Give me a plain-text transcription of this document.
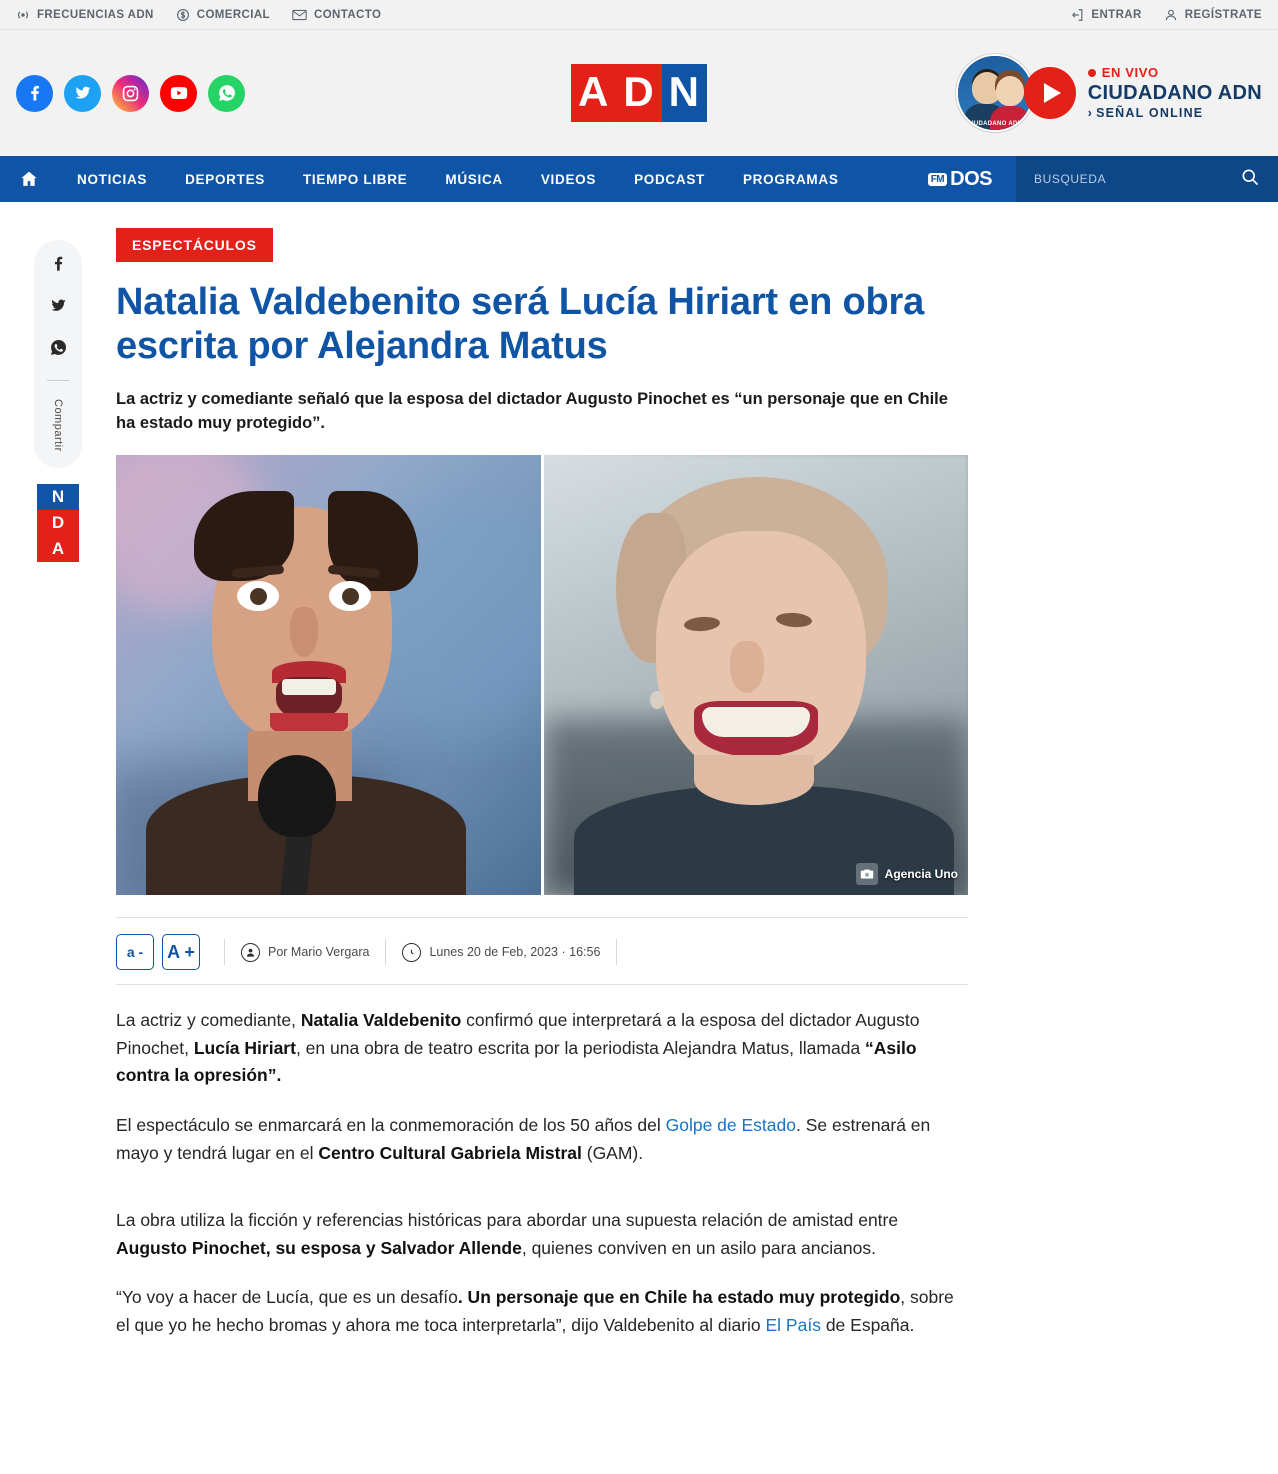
FRECUENCIAS ADN	COMERCIAL	CONTACTO	ENTRAR	REGÍSTRATE
A D N
CIUDADANO ADN
EN VIVO
CIUDADANO ADN
› SEÑAL ONLINE
NOTICIAS	DEPORTES	TIEMPO LIBRE	MÚSICA	VIDEOS	PODCAST	PROGRAMAS	FM DOS
BUSQUEDA
Compartir
N
D
A
ESPECTÁCULOS
Natalia Valdebenito será Lucía Hiriart en obra escrita por Alejandra Matus
La actriz y comediante señaló que la esposa del dictador Augusto Pinochet es “un personaje que en Chile ha estado muy protegido”.
Agencia Uno
a -	A +	Por Mario Vergara	Lunes 20 de Feb, 2023 · 16:56

La actriz y comediante, Natalia Valdebenito confirmó que interpretará a la esposa del dictador Augusto Pinochet, Lucía Hiriart, en una obra de teatro escrita por la periodista Alejandra Matus, llamada “Asilo contra la opresión”.

El espectáculo se enmarcará en la conmemoración de los 50 años del Golpe de Estado. Se estrenará en mayo y tendrá lugar en el Centro Cultural Gabriela Mistral (GAM).

La obra utiliza la ficción y referencias históricas para abordar una supuesta relación de amistad entre Augusto Pinochet, su esposa y Salvador Allende, quienes conviven en un asilo para ancianos.

“Yo voy a hacer de Lucía, que es un desafío. Un personaje que en Chile ha estado muy protegido, sobre el que yo he hecho bromas y ahora me toca interpretarla”, dijo Valdebenito al diario El País de España.
